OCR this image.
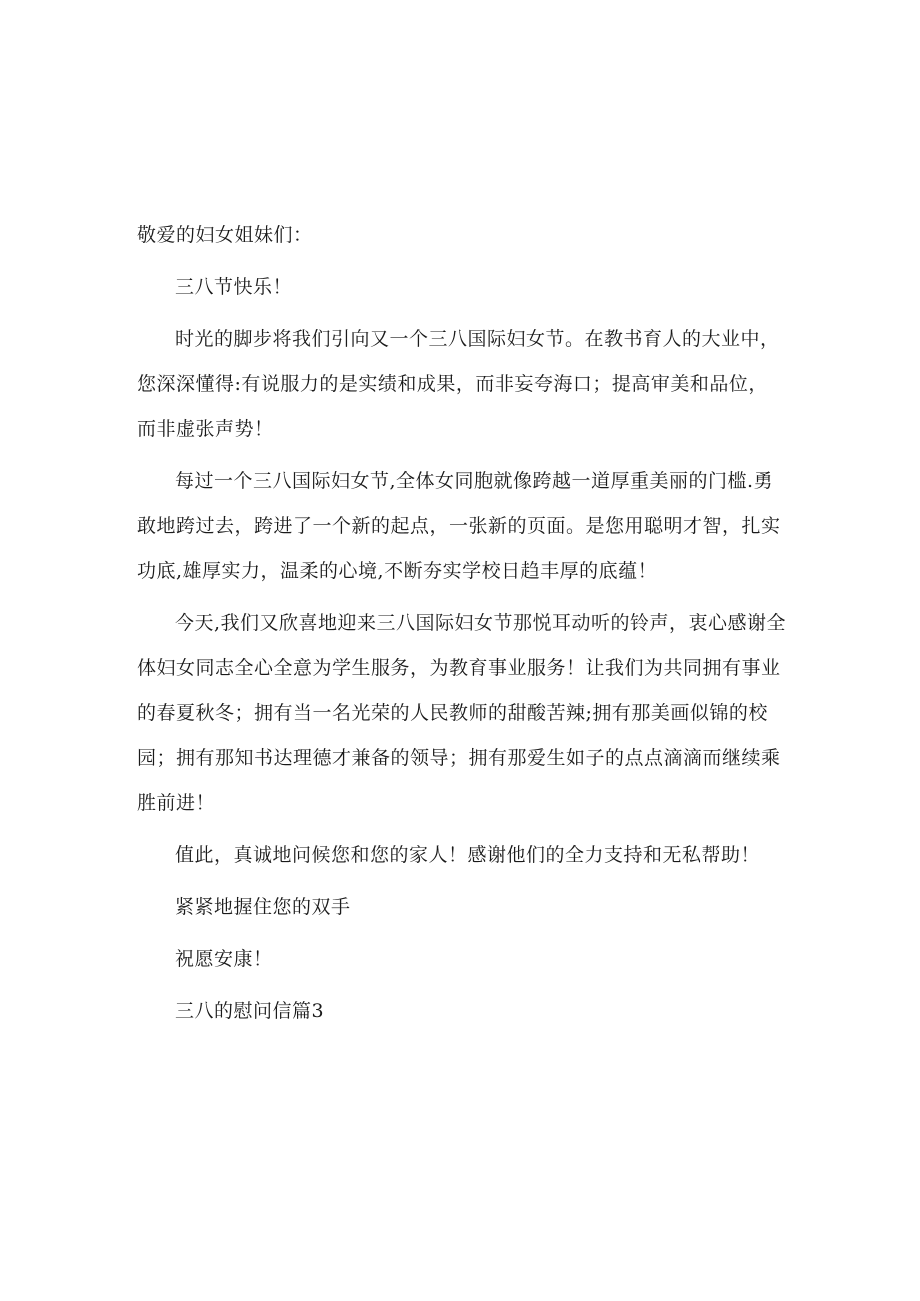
敬爱的妇女姐妹们：

三八节快乐！

时光的脚步将我们引向又一个三八国际妇女节。在教书育人的大业中，您深深懂得:有说服力的是实绩和成果，而非妄夸海口；提高审美和品位，而非虚张声势！

每过一个三八国际妇女节,全体女同胞就像跨越一道厚重美丽的门槛.勇敢地跨过去，跨进了一个新的起点，一张新的页面。是您用聪明才智，扎实功底,雄厚实力，温柔的心境,不断夯实学校日趋丰厚的底蕴！

今天,我们又欣喜地迎来三八国际妇女节那悦耳动听的铃声，衷心感谢全体妇女同志全心全意为学生服务，为教育事业服务！让我们为共同拥有事业的春夏秋冬；拥有当一名光荣的人民教师的甜酸苦辣;拥有那美画似锦的校园；拥有那知书达理德才兼备的领导；拥有那爱生如子的点点滴滴而继续乘胜前进！

值此，真诚地问候您和您的家人！感谢他们的全力支持和无私帮助！

紧紧地握住您的双手

祝愿安康！

三八的慰问信篇3
